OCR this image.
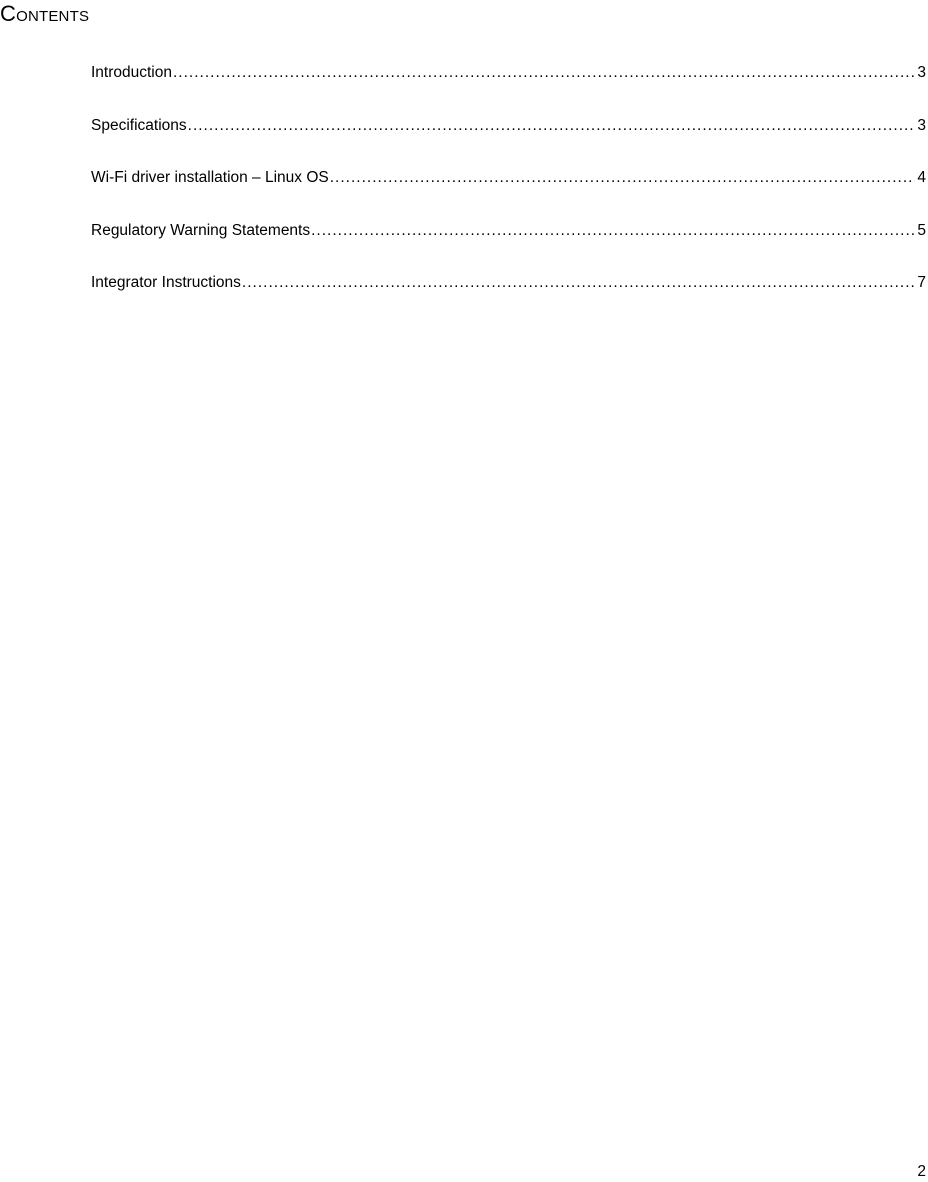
Contents
Introduction .....	3
Specifications .....	3
Wi-Fi driver installation – Linux OS .....	4
Regulatory Warning Statements .....	5
Integrator Instructions .....	7
2
